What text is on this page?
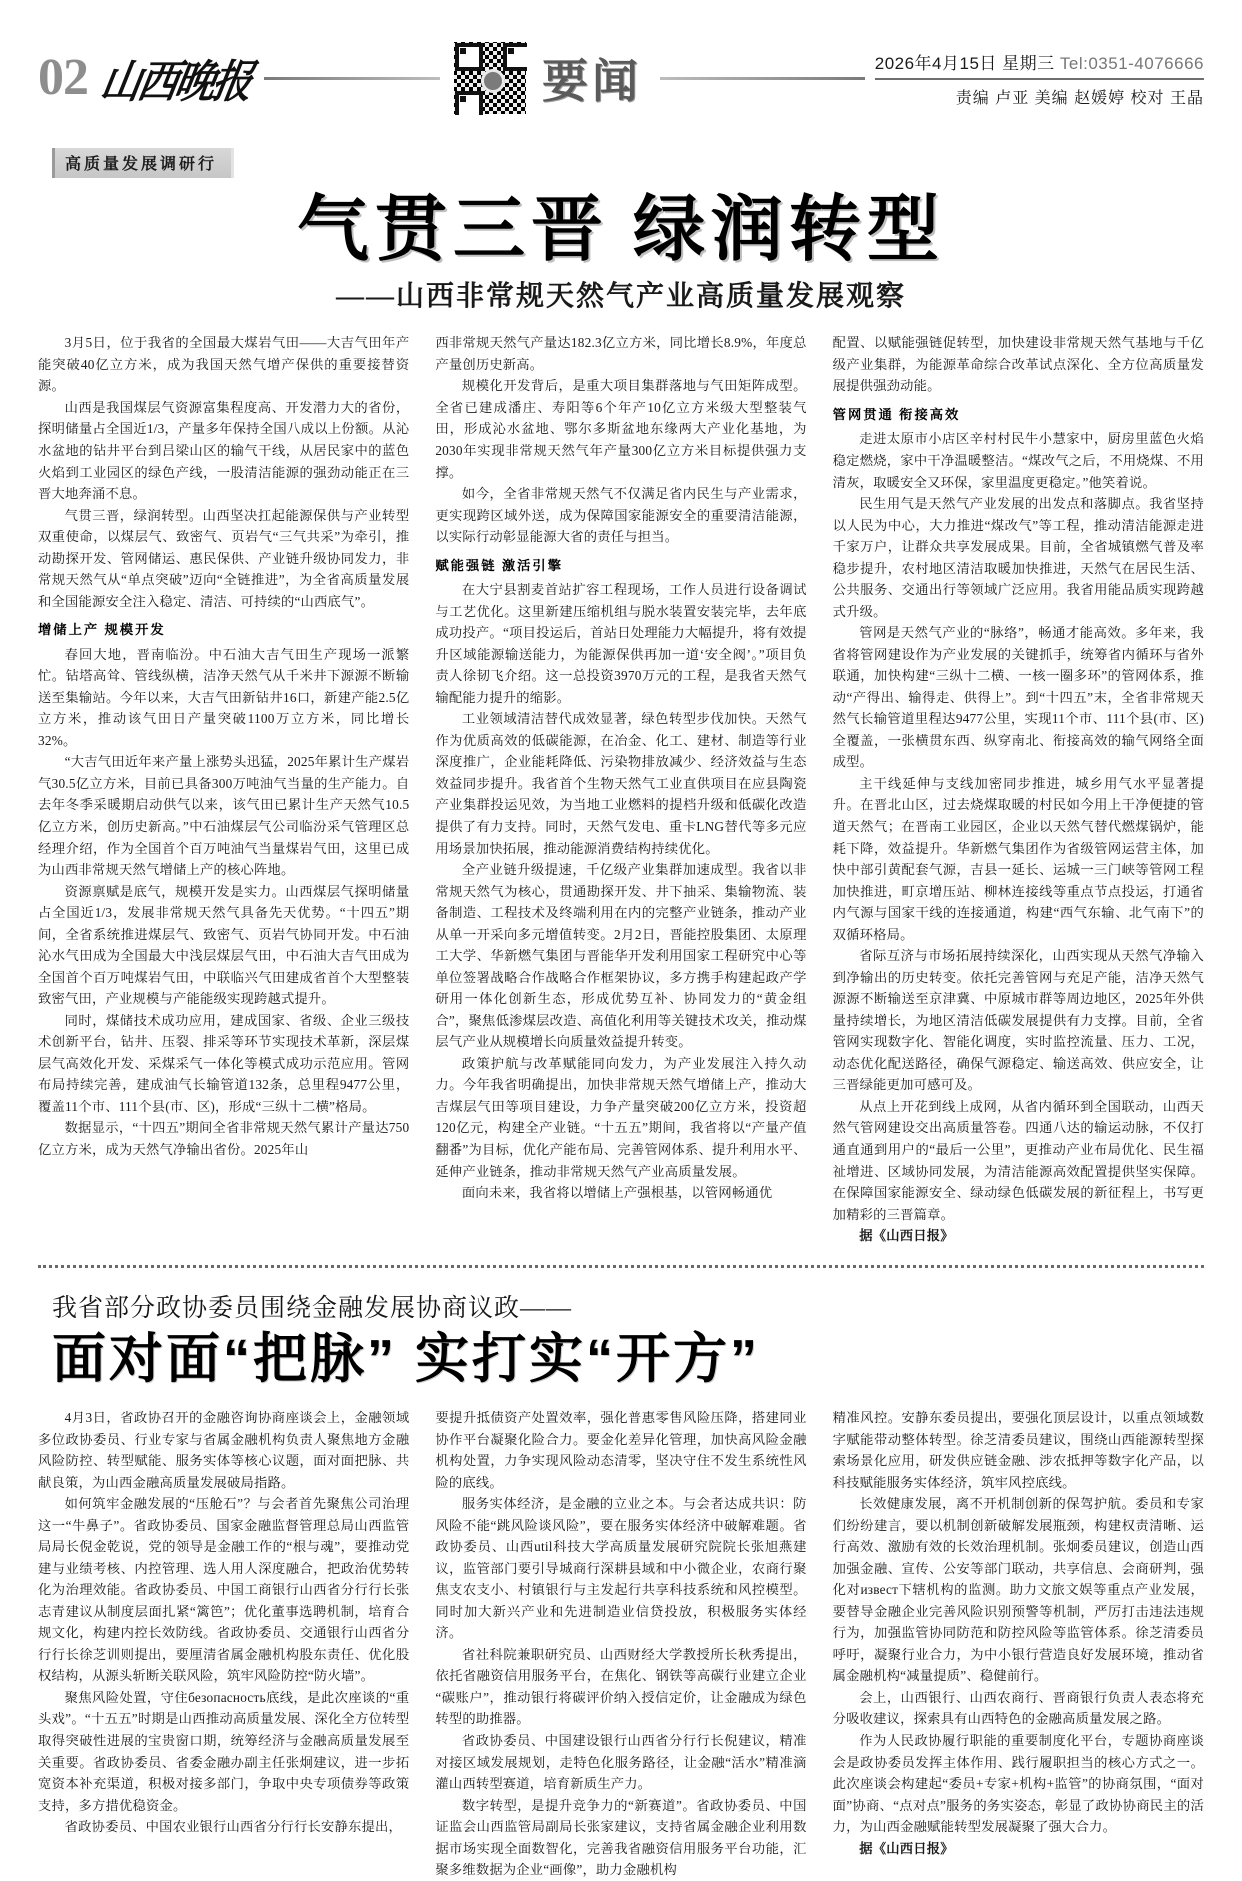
02 山西晚报	要闻	2026年4月15日 星期三 Tel:0351-4076666
责编 卢亚 美编 赵媛婷 校对 王晶
高质量发展调研行
气贯三晋 绿润转型
——山西非常规天然气产业高质量发展观察

3月5日，位于我省的全国最大煤岩气田——大吉气田年产能突破40亿立方米，成为我国天然气增产保供的重要接替资源。

山西是我国煤层气资源富集程度高、开发潜力大的省份，探明储量占全国近1/3，产量多年保持全国八成以上份额。从沁水盆地的钻井平台到吕梁山区的输气干线，从居民家中的蓝色火焰到工业园区的绿色产线，一股清洁能源的强劲动能正在三晋大地奔涌不息。

气贯三晋，绿润转型。山西坚决扛起能源保供与产业转型双重使命，以煤层气、致密气、页岩气“三气共采”为牵引，推动勘探开发、管网储运、惠民保供、产业链升级协同发力，非常规天然气从“单点突破”迈向“全链推进”，为全省高质量发展和全国能源安全注入稳定、清洁、可持续的“山西底气”。

增储上产 规模开发

春回大地，晋南临汾。中石油大吉气田生产现场一派繁忙。钻塔高耸、管线纵横，洁净天然气从千米井下源源不断输送至集输站。今年以来，大吉气田新钻井16口，新建产能2.5亿立方米，推动该气田日产量突破1100万立方米，同比增长32%。

“大吉气田近年来产量上涨势头迅猛，2025年累计生产煤岩气30.5亿立方米，目前已具备300万吨油气当量的生产能力。自去年冬季采暖期启动供气以来，该气田已累计生产天然气10.5亿立方米，创历史新高。”中石油煤层气公司临汾采气管理区总经理介绍，作为全国首个百万吨油气当量煤岩气田，这里已成为山西非常规天然气增储上产的核心阵地。

资源禀赋是底气，规模开发是实力。山西煤层气探明储量占全国近1/3，发展非常规天然气具备先天优势。“十四五”期间，全省系统推进煤层气、致密气、页岩气协同开发。中石油沁水气田成为全国最大中浅层煤层气田，中石油大吉气田成为全国首个百万吨煤岩气田，中联临兴气田建成省首个大型整装致密气田，产业规模与产能能级实现跨越式提升。

同时，煤储技术成功应用，建成国家、省级、企业三级技术创新平台，钻井、压裂、排采等环节实现技术革新，深层煤层气高效化开发、采煤采气一体化等模式成功示范应用。管网布局持续完善，建成油气长输管道132条，总里程9477公里，覆盖11个市、111个县(市、区)，形成“三纵十二横”格局。

数据显示，“十四五”期间全省非常规天然气累计产量达750亿立方米，成为天然气净输出省份。2025年山

西非常规天然气产量达182.3亿立方米，同比增长8.9%，年度总产量创历史新高。

规模化开发背后，是重大项目集群落地与气田矩阵成型。全省已建成潘庄、寿阳等6个年产10亿立方米级大型整装气田，形成沁水盆地、鄂尔多斯盆地东缘两大产业化基地，为2030年实现非常规天然气年产量300亿立方米目标提供强力支撑。

如今，全省非常规天然气不仅满足省内民生与产业需求，更实现跨区域外送，成为保障国家能源安全的重要清洁能源，以实际行动彰显能源大省的责任与担当。

赋能强链 激活引擎

在大宁县割麦首站扩容工程现场，工作人员进行设备调试与工艺优化。这里新建压缩机组与脱水装置安装完毕，去年底成功投产。“项目投运后，首站日处理能力大幅提升，将有效提升区域能源输送能力，为能源保供再加一道‘安全阀’。”项目负责人徐韧飞介绍。这一总投资3970万元的工程，是我省天然气输配能力提升的缩影。

工业领域清洁替代成效显著，绿色转型步伐加快。天然气作为优质高效的低碳能源，在冶金、化工、建材、制造等行业深度推广，企业能耗降低、污染物排放减少、经济效益与生态效益同步提升。我省首个生物天然气工业直供项目在应县陶瓷产业集群投运见效，为当地工业燃料的提档升级和低碳化改造提供了有力支持。同时，天然气发电、重卡LNG替代等多元应用场景加快拓展，推动能源消费结构持续优化。

全产业链升级提速，千亿级产业集群加速成型。我省以非常规天然气为核心，贯通勘探开发、井下抽采、集输物流、装备制造、工程技术及终端利用在内的完整产业链条，推动产业从单一开采向多元增值转变。2月2日，晋能控股集团、太原理工大学、华新燃气集团与晋能华开发利用国家工程研究中心等单位签署战略合作战略合作框架协议，多方携手构建起政产学研用一体化创新生态，形成优势互补、协同发力的“黄金组合”，聚焦低渗煤层改造、高值化利用等关键技术攻关，推动煤层气产业从规模增长向质量效益提升转变。

政策护航与改革赋能同向发力，为产业发展注入持久动力。今年我省明确提出，加快非常规天然气增储上产，推动大吉煤层气田等项目建设，力争产量突破200亿立方米，投资超120亿元，构建全产业链。“十五五”期间，我省将以“产量产值翻番”为目标，优化产能布局、完善管网体系、提升利用水平、延伸产业链条，推动非常规天然气产业高质量发展。

面向未来，我省将以增储上产强根基，以管网畅通优

配置、以赋能强链促转型，加快建设非常规天然气基地与千亿级产业集群，为能源革命综合改革试点深化、全方位高质量发展提供强劲动能。

管网贯通 衔接高效

走进太原市小店区辛村村民牛小慧家中，厨房里蓝色火焰稳定燃烧，家中干净温暖整洁。“煤改气之后，不用烧煤、不用清灰，取暖安全又环保，家里温度更稳定。”他笑着说。

民生用气是天然气产业发展的出发点和落脚点。我省坚持以人民为中心，大力推进“煤改气”等工程，推动清洁能源走进千家万户，让群众共享发展成果。目前，全省城镇燃气普及率稳步提升，农村地区清洁取暖加快推进，天然气在居民生活、公共服务、交通出行等领域广泛应用。我省用能品质实现跨越式升级。

管网是天然气产业的“脉络”，畅通才能高效。多年来，我省将管网建设作为产业发展的关键抓手，统筹省内循环与省外联通，加快构建“三纵十二横、一核一圈多环”的管网体系，推动“产得出、输得走、供得上”。到“十四五”末，全省非常规天然气长输管道里程达9477公里，实现11个市、111个县(市、区)全覆盖，一张横贯东西、纵穿南北、衔接高效的输气网络全面成型。

主干线延伸与支线加密同步推进，城乡用气水平显著提升。在晋北山区，过去烧煤取暖的村民如今用上干净便捷的管道天然气；在晋南工业园区，企业以天然气替代燃煤锅炉，能耗下降，效益提升。华新燃气集团作为省级管网运营主体，加快中部引黄配套气源，吉县一延长、运城一三门峡等管网工程加快推进，町京增压站、柳林连接线等重点节点投运，打通省内气源与国家干线的连接通道，构建“西气东输、北气南下”的双循环格局。

省际互济与市场拓展持续深化，山西实现从天然气净输入到净输出的历史转变。依托完善管网与充足产能，洁净天然气源源不断输送至京津冀、中原城市群等周边地区，2025年外供量持续增长，为地区清洁低碳发展提供有力支撑。目前，全省管网实现数字化、智能化调度，实时监控流量、压力、工况，动态优化配送路径，确保气源稳定、输送高效、供应安全，让三晋绿能更加可感可及。

从点上开花到线上成网，从省内循环到全国联动，山西天然气管网建设交出高质量答卷。四通八达的输运动脉，不仅打通直通到用户的“最后一公里”，更推动产业布局优化、民生福祉增进、区域协同发展，为清洁能源高效配置提供坚实保障。在保障国家能源安全、绿动绿色低碳发展的新征程上，书写更加精彩的三晋篇章。

据《山西日报》

我省部分政协委员围绕金融发展协商议政——
面对面“把脉” 实打实“开方”

4月3日，省政协召开的金融咨询协商座谈会上，金融领域多位政协委员、行业专家与省属金融机构负责人聚焦地方金融风险防控、转型赋能、服务实体等核心议题，面对面把脉、共献良策，为山西金融高质量发展破局指路。

如何筑牢金融发展的“压舱石”？与会者首先聚焦公司治理这一“牛鼻子”。省政协委员、国家金融监督管理总局山西监管局局长倪金乾说，党的领导是金融工作的“根与魂”，要推动党建与业绩考核、内控管理、选人用人深度融合，把政治优势转化为治理效能。省政协委员、中国工商银行山西省分行行长张志青建议从制度层面扎紧“篱笆”；优化董事选聘机制，培育合规文化，构建内控长效防线。省政协委员、交通银行山西省分行行长徐芝训则提出，要厘清省属金融机构股东责任、优化股权结构，从源头斩断关联风险，筑牢风险防控“防火墙”。

聚焦风险处置，守住безопасность底线，是此次座谈的“重头戏”。“十五五”时期是山西推动高质量发展、深化全方位转型取得突破性进展的宝贵窗口期，统筹经济与金融高质量发展至关重要。省政协委员、省委金融办副主任张炯建议，进一步拓宽资本补充渠道，积极对接多部门，争取中央专项债券等政策支持，多方措优稳资金。

省政协委员、中国农业银行山西省分行行长安静东提出，

要提升抵债资产处置效率，强化普惠零售风险压降，搭建同业协作平台凝聚化险合力。要金化差异化管理，加快高风险金融机构处置，力争实现风险动态清零，坚决守住不发生系统性风险的底线。

服务实体经济，是金融的立业之本。与会者达成共识：防风险不能“跳风险谈风险”，要在服务实体经济中破解难题。省政协委员、山西util科技大学高质量发展研究院院长张旭燕建议，监管部门要引导城商行深耕县域和中小微企业，农商行聚焦支农支小、村镇银行与主发起行共享科技系统和风控模型。同时加大新兴产业和先进制造业信贷投放，积极服务实体经济。

省社科院兼职研究员、山西财经大学教授所长秋秀提出，依托省融资信用服务平台，在焦化、钢铁等高碳行业建立企业“碳账户”，推动银行将碳评价纳入授信定价，让金融成为绿色转型的助推器。

省政协委员、中国建设银行山西省分行行长倪建议，精准对接区域发展规划，走特色化服务路径，让金融“活水”精准滴灌山西转型赛道，培育新质生产力。

数字转型，是提升竞争力的“新赛道”。省政协委员、中国证监会山西监管局副局长张家建议，支持省属金融企业利用数据市场实现全面数智化，完善我省融资信用服务平台功能，汇聚多维数据为企业“画像”，助力金融机构

精准风控。安静东委员提出，要强化顶层设计，以重点领域数字赋能带动整体转型。徐芝清委员建议，围绕山西能源转型探索场景化应用，研发供应链金融、涉农抵押等数字化产品，以科技赋能服务实体经济，筑牢风控底线。

长效健康发展，离不开机制创新的保驾护航。委员和专家们纷纷建言，要以机制创新破解发展瓶颈，构建权责清晰、运行高效、激励有效的长效治理机制。张炯委员建议，创造山西加强金融、宣传、公安等部门联动，共享信息、会商研判，强化对извест下辖机构的监测。助力文旅文娱等重点产业发展，要替导金融企业完善风险识别预警等机制，严厉打击违法违规行为，加强监管协同防范和防控风险等监管体系。徐芝清委员呼吁，凝聚行业合力，为中小银行营造良好发展环境，推动省属金融机构“减量提质”、稳健前行。

会上，山西银行、山西农商行、晋商银行负责人表态将充分吸收建议，探索具有山西特色的金融高质量发展之路。

作为人民政协履行职能的重要制度化平台，专题协商座谈会是政协委员发挥主体作用、践行履职担当的核心方式之一。此次座谈会构建起“委员+专家+机构+监管”的协商氛围，“面对面”协商、“点对点”服务的务实姿态，彰显了政协协商民主的活力，为山西金融赋能转型发展凝聚了强大合力。

据《山西日报》
